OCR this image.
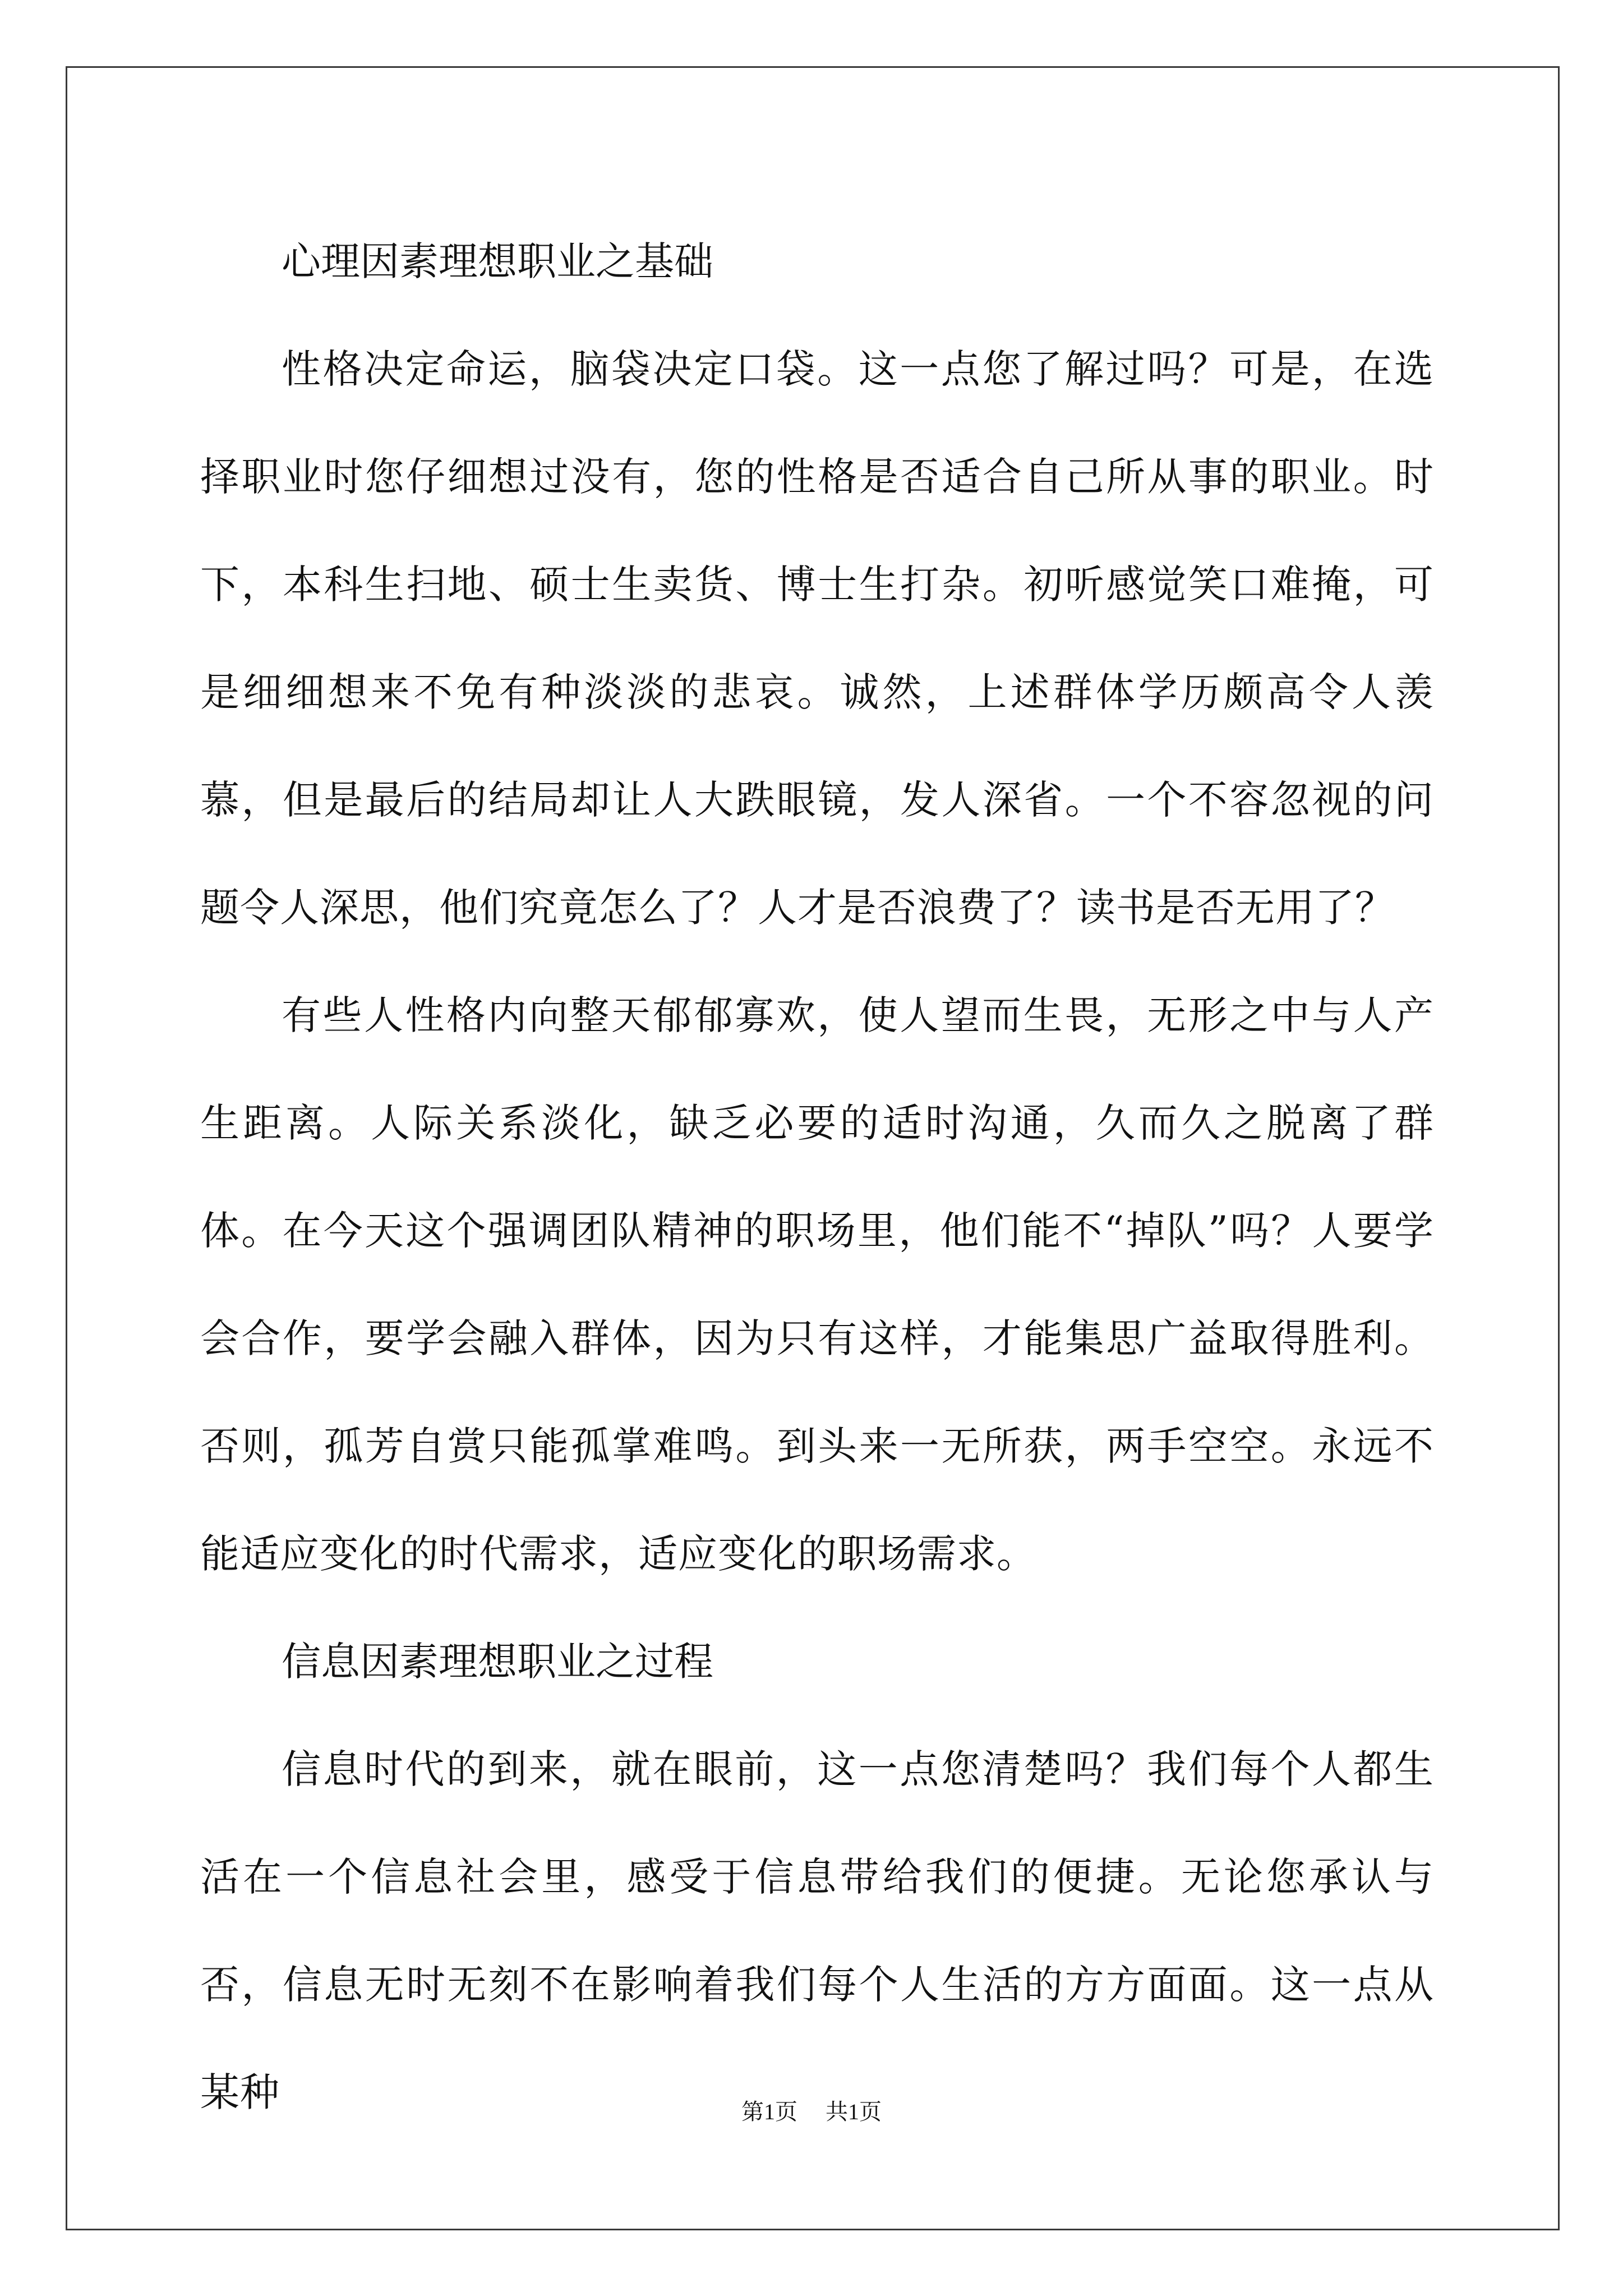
心理因素理想职业之基础

性格决定命运，脑袋决定口袋。这一点您了解过吗？可是，在选择职业时您仔细想过没有，您的性格是否适合自己所从事的职业。时下，本科生扫地、硕士生卖货、博士生打杂。初听感觉笑口难掩，可是细细想来不免有种淡淡的悲哀。诚然，上述群体学历颇高令人羡慕，但是最后的结局却让人大跌眼镜，发人深省。一个不容忽视的问题令人深思，他们究竟怎么了？人才是否浪费了？读书是否无用了？

有些人性格内向整天郁郁寡欢，使人望而生畏，无形之中与人产生距离。人际关系淡化，缺乏必要的适时沟通，久而久之脱离了群体。在今天这个强调团队精神的职场里，他们能不“掉队”吗？人要学会合作，要学会融入群体，因为只有这样，才能集思广益取得胜利。否则，孤芳自赏只能孤掌难鸣。到头来一无所获，两手空空。永远不能适应变化的时代需求，适应变化的职场需求。

信息因素理想职业之过程

信息时代的到来，就在眼前，这一点您清楚吗？我们每个人都生活在一个信息社会里，感受于信息带给我们的便捷。无论您承认与否，信息无时无刻不在影响着我们每个人生活的方方面面。这一点从某种	第1页 共1页
